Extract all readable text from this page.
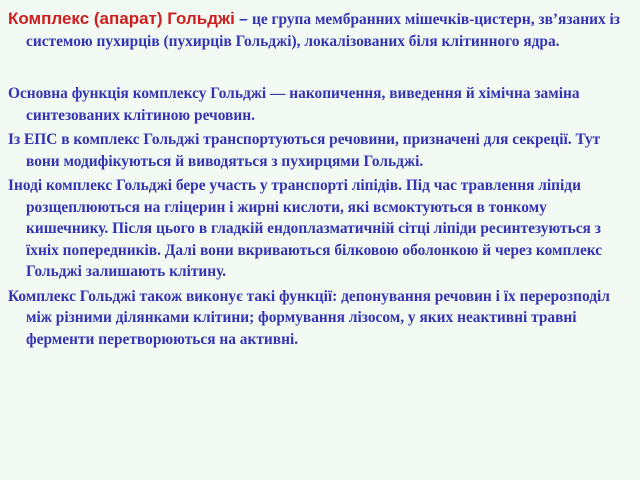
Комплекс (апарат) Гольджі – це група мембранних мішечків-цистерн, зв’язаних із системою пухирців (пухирців Гольджі), локалізованих біля клітинного ядра.

Основна функція комплексу Гольджі — накопичення, виведення й хімічна заміна синтезованих клітиною речовин.

Із ЕПС в комплекс Гольджі транспортуються речовини, призначені для секреції. Тут вони модифікуються й виводяться з пухирцями Гольджі.

Іноді комплекс Гольджі бере участь у транспорті ліпідів. Під час травлення ліпіди розщеплюються на гліцерин і жирні кислоти, які всмоктуються в тонкому кишечнику. Після цього в гладкій ендоплазматичній сітці ліпіди ресинтезуються з їхніх попередників. Далі вони вкриваються білковою оболонкою й через комплекс Гольджі залишають клітину.

Комплекс Гольджі також виконує такі функції: депонування речовин і їх перерозподіл між різними ділянками клітини; формування лізосом, у яких неактивні травні ферменти перетворюються на активні.
